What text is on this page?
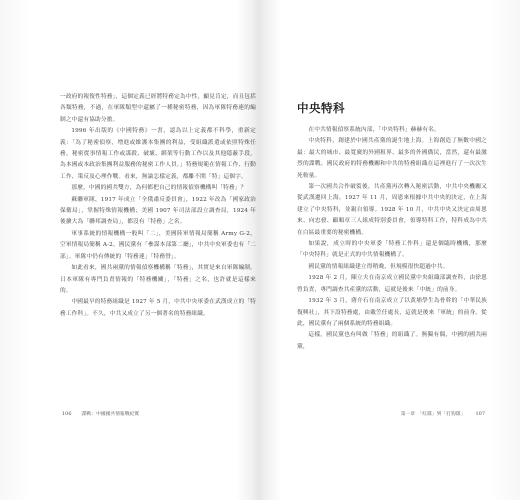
一政府的報復性特務」，這個定義已經將特務定為中性，顯見肯定，而且包括各類特務，不過，在軍隊類型中還屬了一種秘密特務，因為軍隊特務連的編制之中還有協助分擔。

1996 年出版的《中國特務》一書，認為以上定義都不科學，重新定義：「為了秘密偵察，增進或維護本集團的利益，受組織派遣或依照特殊任務，秘密從事情報工作或謀殺、破壞、綁架等行動工作以及其他隱蔽手段，為本國或本政治集團利益服務的秘密工作人員。」特務規範在情報工作、行動工作、策反及心理作戰。看來，無論怎樣定義，都離不開「特」這個字。

那麼，中國的國共雙方，為何都把自己的情報偵察機構叫「特務」？

蘇聯軍隊，1917 年成立「全俄肅反委員會」，1922 年改為「國家政治保衛局」，掌握特殊情報機構；美國 1907 年司法部設立調查局，1924 年後擴大為「聯邦調查局」，都沒有「特務」之名。

軍事系統的情報機構一般叫「二」，美國陸軍情報局簡稱 Army G-2，空軍情報局簡稱 A-2。國民黨有「參謀本部第二廳」，中共中央軍委也有「二部」。軍隊中仍有傳統的「特務連」「特務營」。

如此看來，國共兩黨的情報偵察機構稱「特務」，其實是來自軍隊編制。日本軍隊有專門負責情報的「特務機關」，「特務」之名，也許就是這樣來的。

中國最早的特務組織是 1927 年 5 月，中共中央軍委在武漢成立的「特務工作科」。不久，中共又成立了另一個著名的特務組織。

106 諜戰：中國國共情報戰紀實
中央特科

在中共情報偵察系統內部，「中央特科」赫赫有名。

中央特科，創建於中國共產黨的誕生地上海。上海創造了無數中國之最：最大的城市、最寬廣的外國租界、最多的外國僑民，當然，還有最激烈的諜戰。國民政府的特務機關和中共的特務組織在這裡進行了一次次生死較量。

第一次國共合作破裂後，共產黨再次轉入秘密活動，中共中央機關又從武漢遷回上海。1927 年 11 月，周恩來根據中共中央的決定，在上海建立了中央特科，並親自領導。1928 年 10 月，中共中央又決定由周恩來、向忠發、顧順章三人組成特別委員會，領導特科工作，特科成為中共在白區最重要的秘密機構。

如果說，成立時的中央軍委「特務工作科」還是個臨時機構，那麼「中央特科」就是正式的中共情報機構了。

國民黨的情報組織建立得稍晚，但規模很快超過中共。

1928 年 2 月，陳立夫在南京成立國民黨中央組織部調查科，由徐恩曾負責，專門調查共產黨的活動，這就是後來「中統」的前身。

1932 年 3 月，蔣介石在南京成立了以黃埔學生為骨幹的「中華民族復興社」，其下設特務處，由戴笠任處長，這就是後來「軍統」的前身。從此，國民黨有了兩個系統的特務組織。

這樣，國民黨也有叫做「特務」的組織了。無獨有偶，中國的國共兩黨，

第一章　「紅隊」到「打狗隊」 107
